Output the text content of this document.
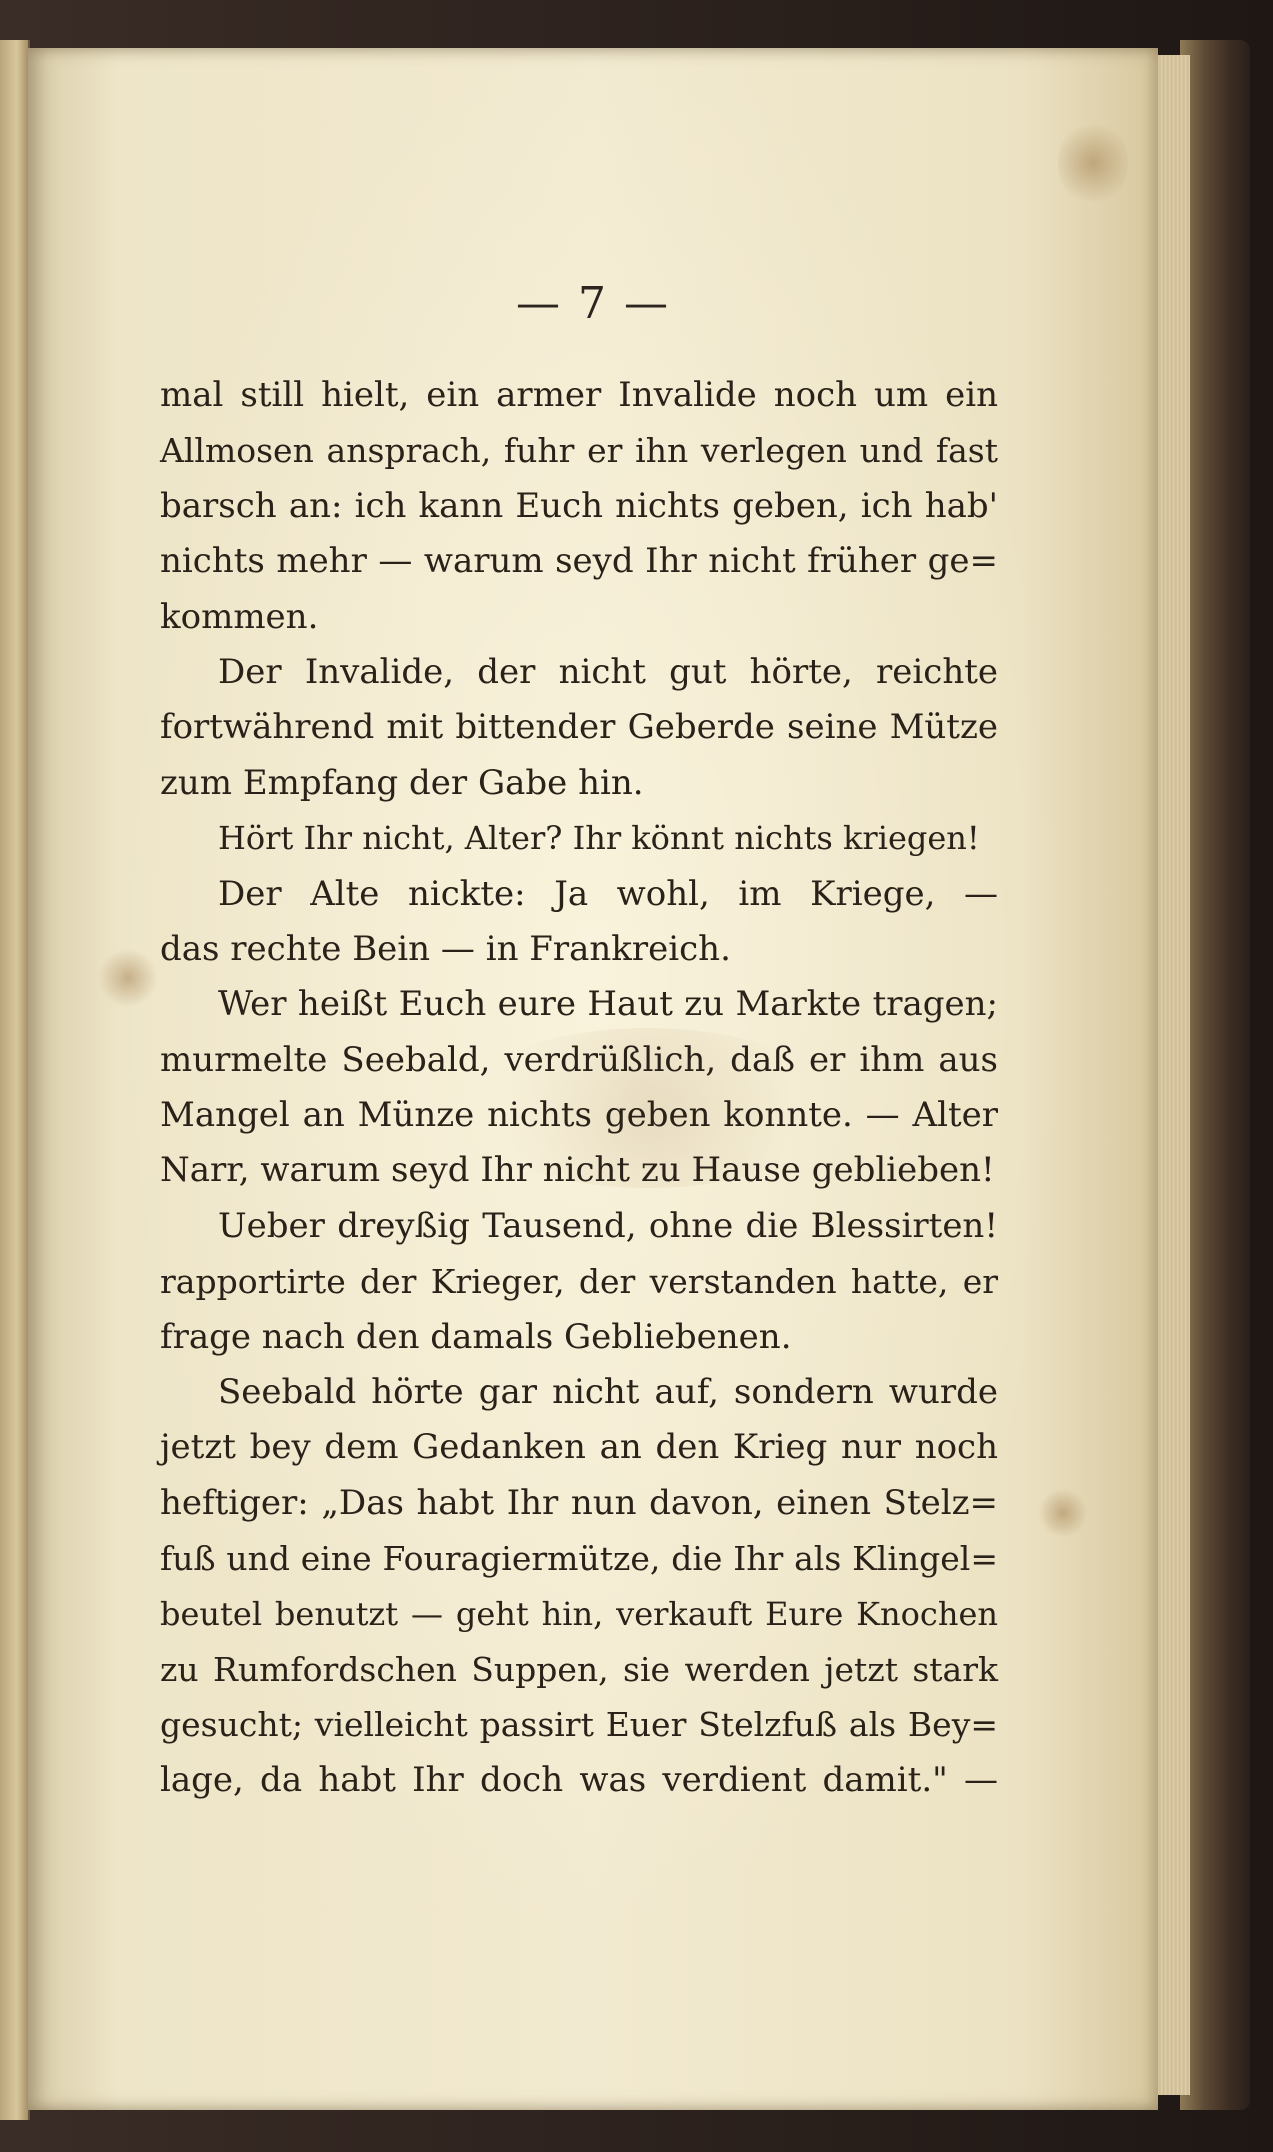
— 7 —
mal still hielt, ein armer Invalide noch um ein
Allmosen ansprach, fuhr er ihn verlegen und fast
barsch an: ich kann Euch nichts geben, ich hab'
nichts mehr — warum seyd Ihr nicht früher ge=
kommen.
Der Invalide, der nicht gut hörte, reichte
fortwährend mit bittender Geberde seine Mütze
zum Empfang der Gabe hin.
Hört Ihr nicht, Alter? Ihr könnt nichts kriegen!
Der Alte nickte: Ja wohl, im Kriege, —
das rechte Bein — in Frankreich.
Wer heißt Euch eure Haut zu Markte tragen;
murmelte Seebald, verdrüßlich, daß er ihm aus
Mangel an Münze nichts geben konnte. — Alter
Narr, warum seyd Ihr nicht zu Hause geblieben!
Ueber dreyßig Tausend, ohne die Blessirten!
rapportirte der Krieger, der verstanden hatte, er
frage nach den damals Gebliebenen.
Seebald hörte gar nicht auf, sondern wurde
jetzt bey dem Gedanken an den Krieg nur noch
heftiger: „Das habt Ihr nun davon, einen Stelz=
fuß und eine Fouragiermütze, die Ihr als Klingel=
beutel benutzt — geht hin, verkauft Eure Knochen
zu Rumfordschen Suppen, sie werden jetzt stark
gesucht; vielleicht passirt Euer Stelzfuß als Bey=
lage, da habt Ihr doch was verdient damit." —
